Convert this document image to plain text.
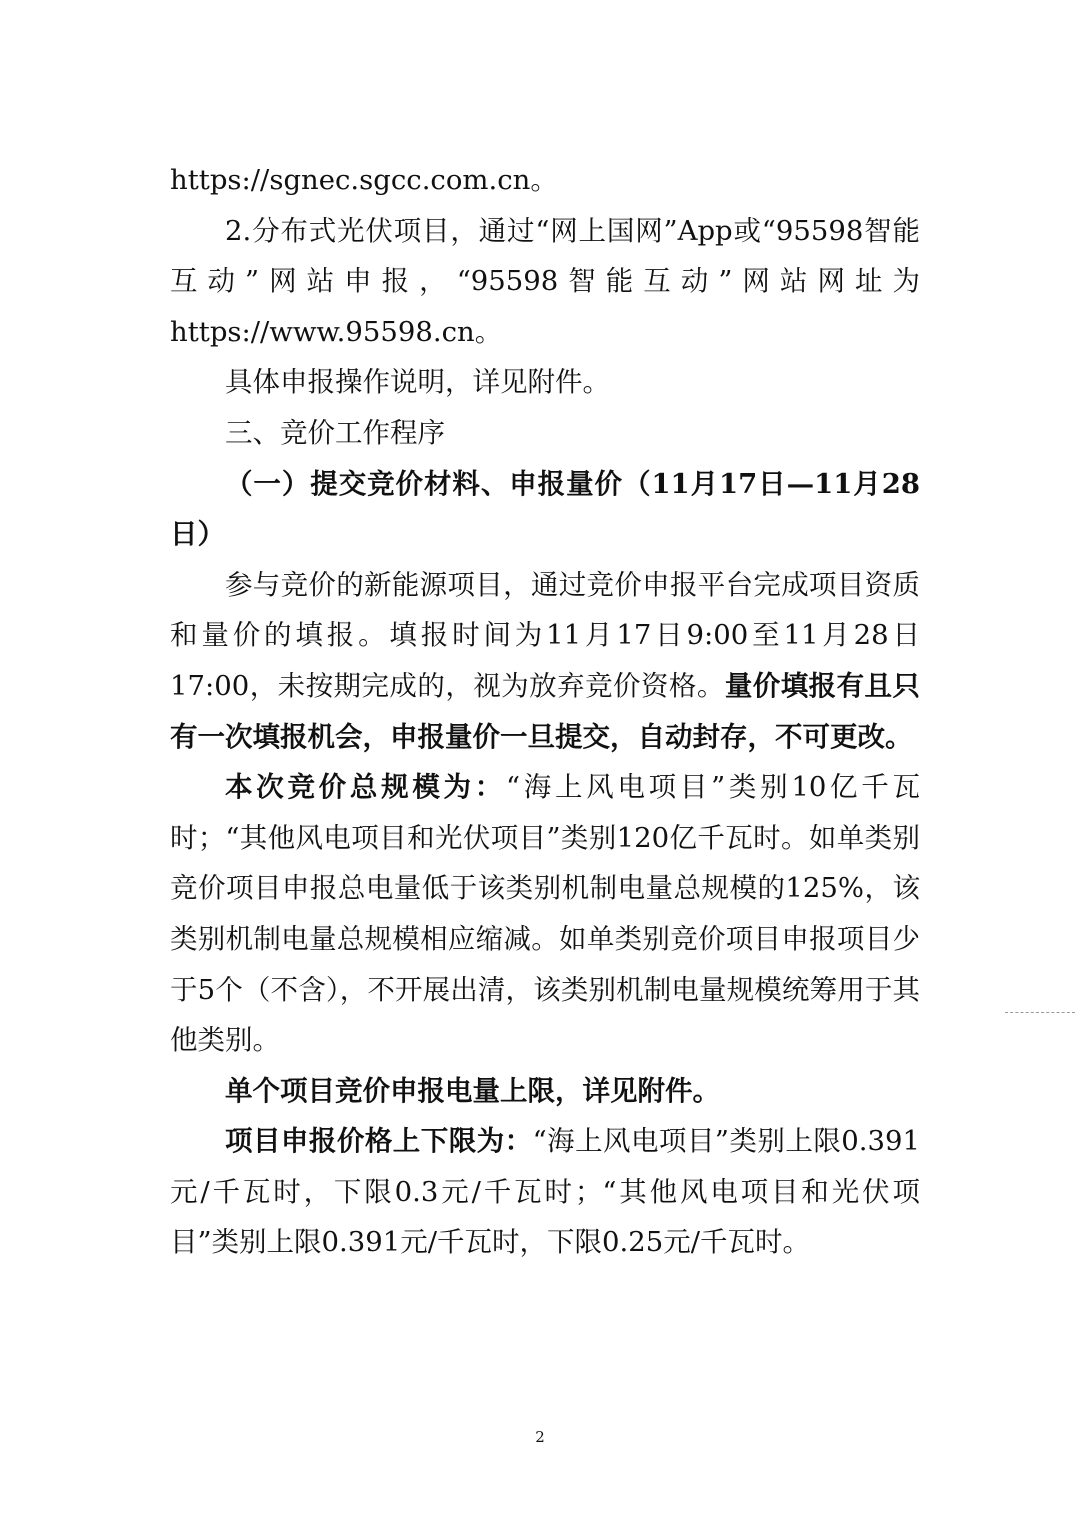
https://sgnec.sgcc.com.cn。

2.分布式光伏项目，通过“网上国网”App或“95598智能互动”网站申报，“95598智能互动”网站网址为https://www.95598.cn。

具体申报操作说明，详见附件。

三、竞价工作程序

（一）提交竞价材料、申报量价（11月17日—11月28日）

参与竞价的新能源项目，通过竞价申报平台完成项目资质和量价的填报。填报时间为11月17日9:00至11月28日17:00，未按期完成的，视为放弃竞价资格。量价填报有且只有一次填报机会，申报量价一旦提交，自动封存，不可更改。

本次竞价总规模为：“海上风电项目”类别10亿千瓦时；“其他风电项目和光伏项目”类别120亿千瓦时。如单类别竞价项目申报总电量低于该类别机制电量总规模的125%，该类别机制电量总规模相应缩减。如单类别竞价项目申报项目少于5个（不含），不开展出清，该类别机制电量规模统筹用于其他类别。

单个项目竞价申报电量上限，详见附件。

项目申报价格上下限为：“海上风电项目”类别上限0.391元/千瓦时，下限0.3元/千瓦时；“其他风电项目和光伏项目”类别上限0.391元/千瓦时，下限0.25元/千瓦时。

2
